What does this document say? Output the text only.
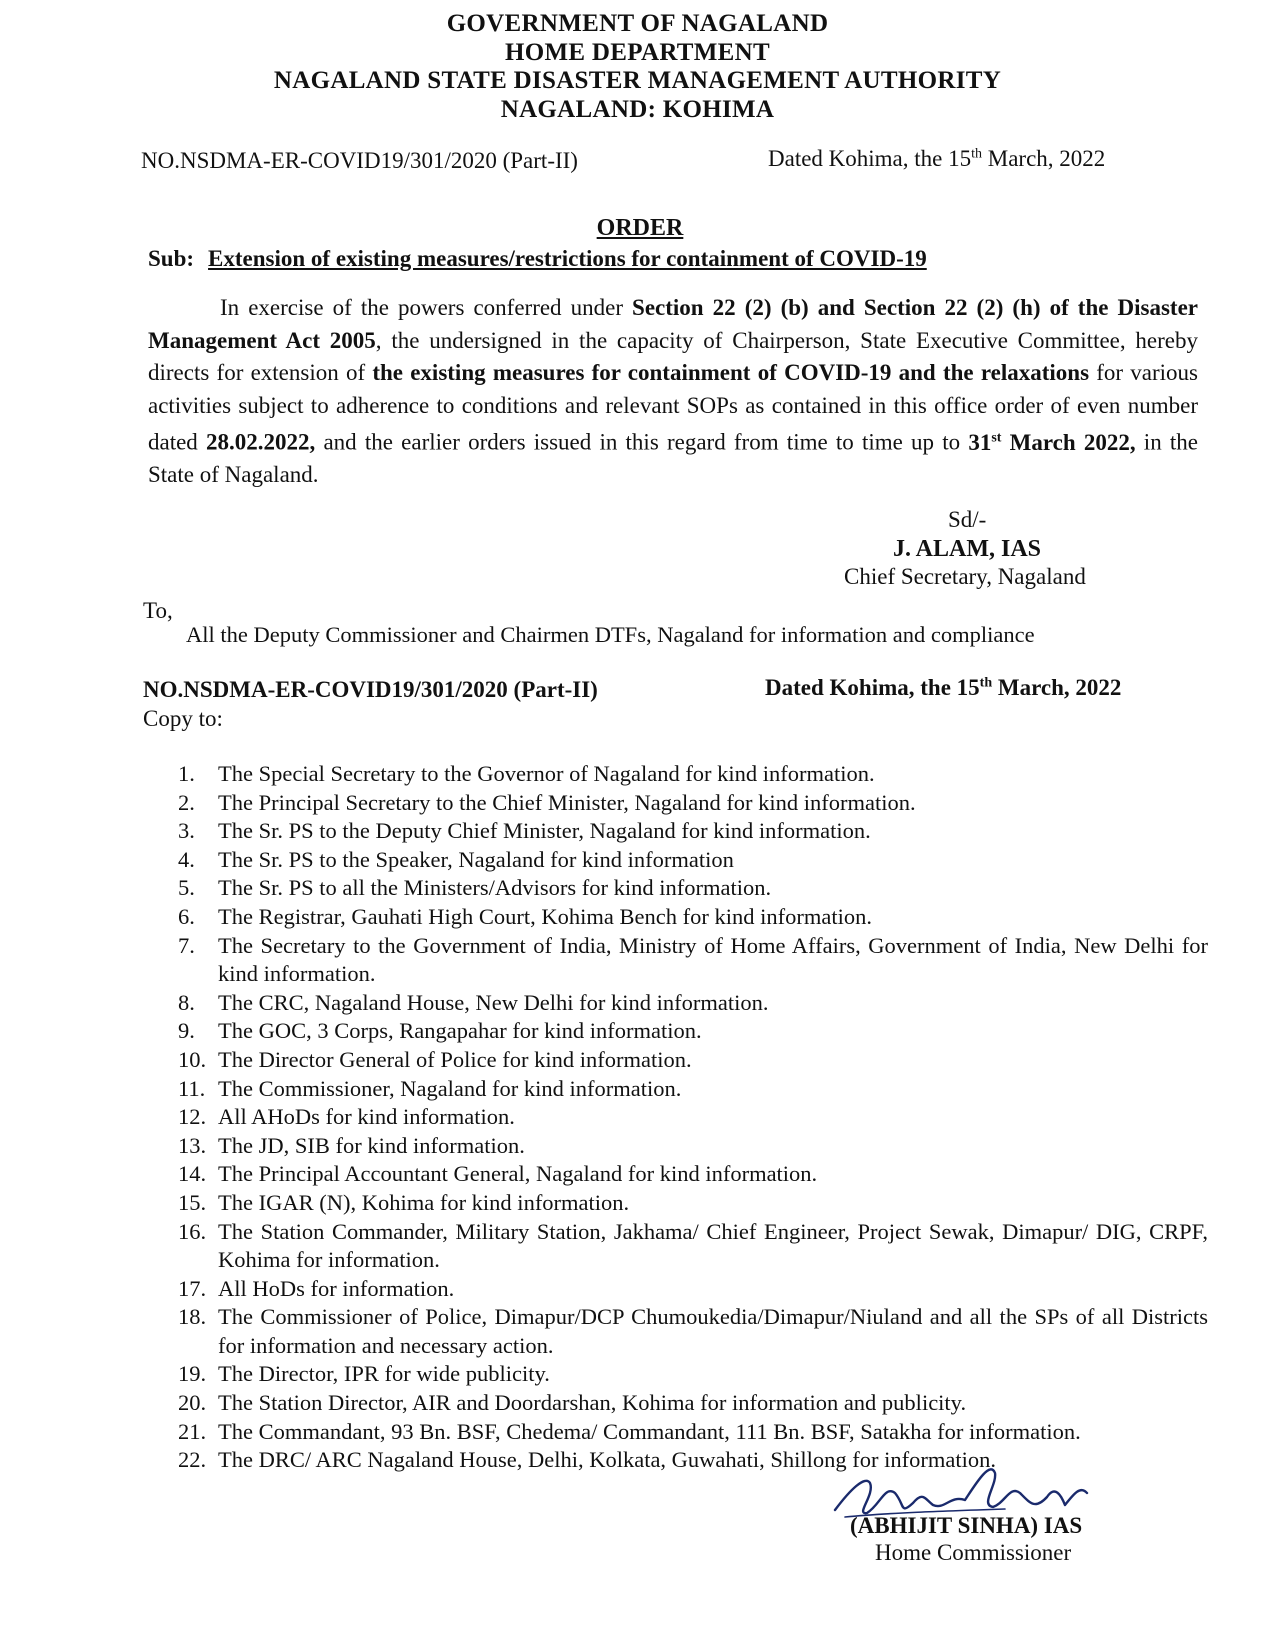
GOVERNMENT OF NAGALAND
HOME DEPARTMENT
NAGALAND STATE DISASTER MANAGEMENT AUTHORITY
NAGALAND: KOHIMA
NO.NSDMA-ER-COVID19/301/2020 (Part-II)	Dated Kohima, the 15th March, 2022
ORDER
Sub: Extension of existing measures/restrictions for containment of COVID-19
In exercise of the powers conferred under Section 22 (2) (b) and Section 22 (2) (h) of the Disaster Management Act 2005, the undersigned in the capacity of Chairperson, State Executive Committee, hereby directs for extension of the existing measures for containment of COVID-19 and the relaxations for various activities subject to adherence to conditions and relevant SOPs as contained in this office order of even number dated 28.02.2022, and the earlier orders issued in this regard from time to time up to 31st March 2022, in the State of Nagaland.
Sd/-
J. ALAM, IAS
Chief Secretary, Nagaland
To,
All the Deputy Commissioner and Chairmen DTFs, Nagaland for information and compliance
NO.NSDMA-ER-COVID19/301/2020 (Part-II)	Dated Kohima, the 15th March, 2022
Copy to:
1. The Special Secretary to the Governor of Nagaland for kind information.
2. The Principal Secretary to the Chief Minister, Nagaland for kind information.
3. The Sr. PS to the Deputy Chief Minister, Nagaland for kind information.
4. The Sr. PS to the Speaker, Nagaland for kind information
5. The Sr. PS to all the Ministers/Advisors for kind information.
6. The Registrar, Gauhati High Court, Kohima Bench for kind information.
7. The Secretary to the Government of India, Ministry of Home Affairs, Government of India, New Delhi for kind information.
8. The CRC, Nagaland House, New Delhi for kind information.
9. The GOC, 3 Corps, Rangapahar for kind information.
10. The Director General of Police for kind information.
11. The Commissioner, Nagaland for kind information.
12. All AHoDs for kind information.
13. The JD, SIB for kind information.
14. The Principal Accountant General, Nagaland for kind information.
15. The IGAR (N), Kohima for kind information.
16. The Station Commander, Military Station, Jakhama/ Chief Engineer, Project Sewak, Dimapur/ DIG, CRPF, Kohima for information.
17. All HoDs for information.
18. The Commissioner of Police, Dimapur/DCP Chumoukedia/Dimapur/Niuland and all the SPs of all Districts for information and necessary action.
19. The Director, IPR for wide publicity.
20. The Station Director, AIR and Doordarshan, Kohima for information and publicity.
21. The Commandant, 93 Bn. BSF, Chedema/ Commandant, 111 Bn. BSF, Satakha for information.
22. The DRC/ ARC Nagaland House, Delhi, Kolkata, Guwahati, Shillong for information.
(ABHIJIT SINHA) IAS
Home Commissioner
